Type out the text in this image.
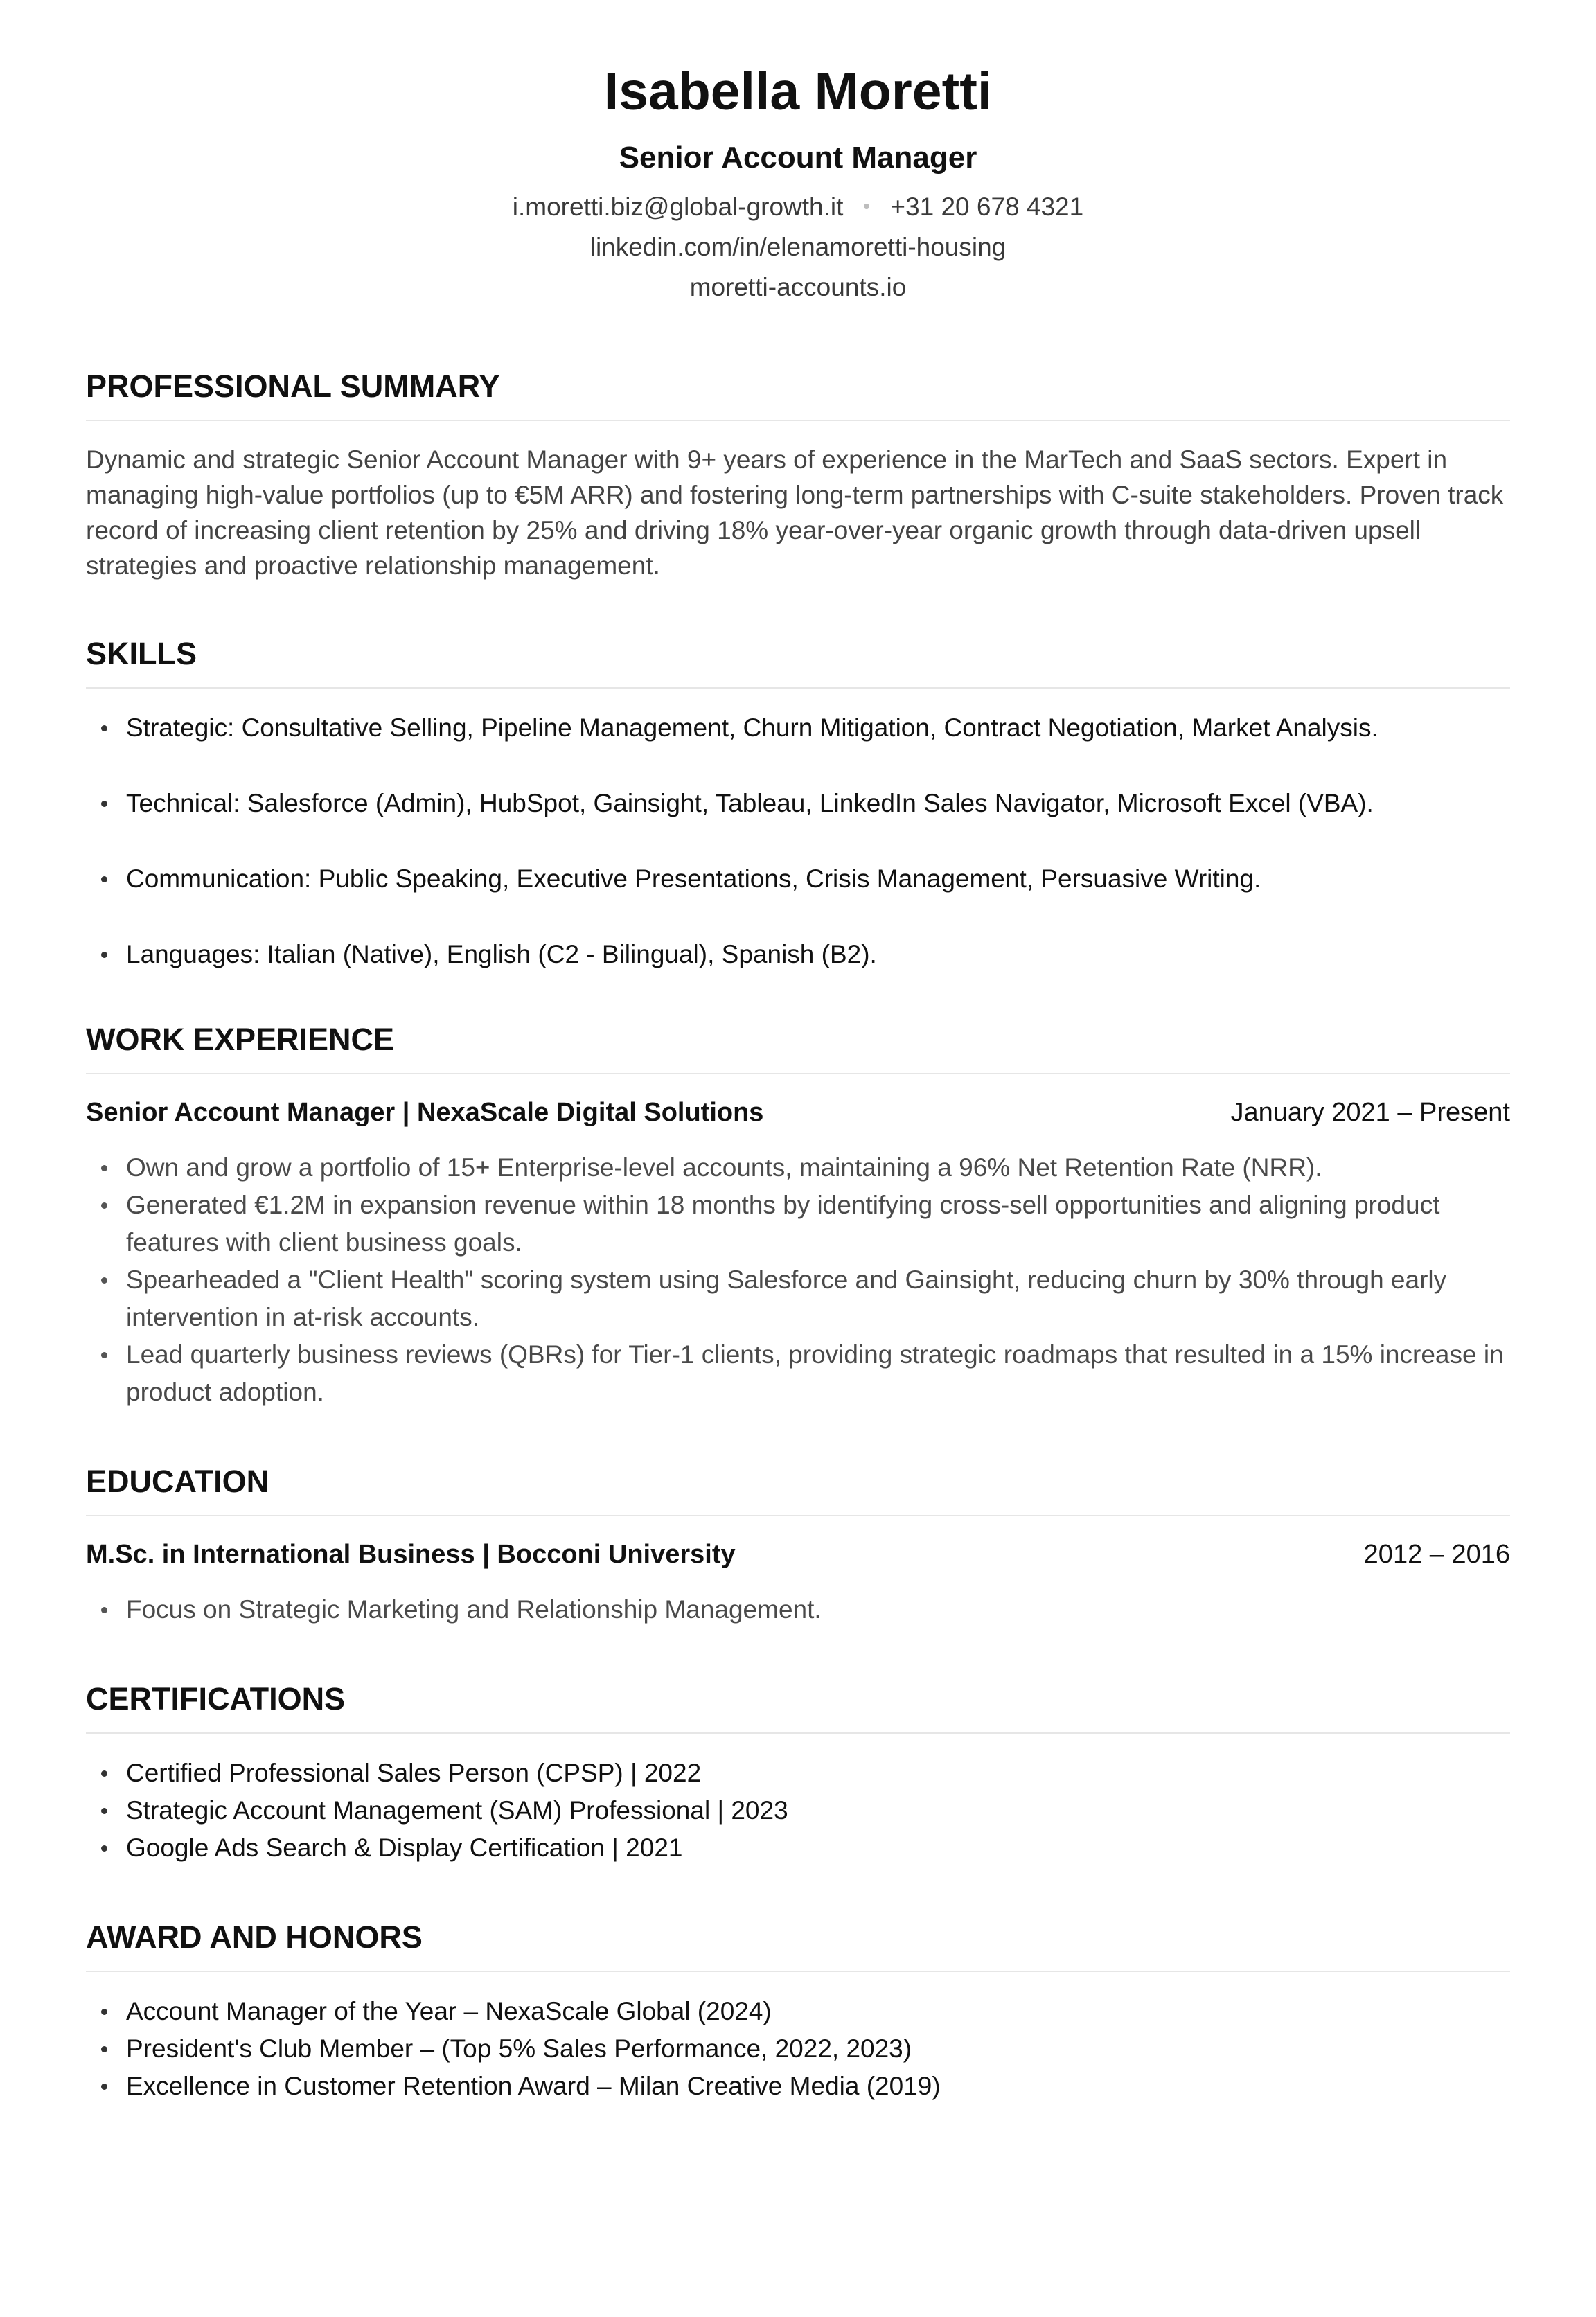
Isabella Moretti
Senior Account Manager
i.moretti.biz@global-growth.it +31 20 678 4321
linkedin.com/in/elenamoretti-housing
moretti-accounts.io
PROFESSIONAL SUMMARY

Dynamic and strategic Senior Account Manager with 9+ years of experience in the MarTech and SaaS sectors. Expert in managing high-value portfolios (up to €5M ARR) and fostering long-term partnerships with C-suite stakeholders. Proven track record of increasing client retention by 25% and driving 18% year-over-year organic growth through data-driven upsell strategies and proactive relationship management.

SKILLS
Strategic: Consultative Selling, Pipeline Management, Churn Mitigation, Contract Negotiation, Market Analysis.
Technical: Salesforce (Admin), HubSpot, Gainsight, Tableau, LinkedIn Sales Navigator, Microsoft Excel (VBA).
Communication: Public Speaking, Executive Presentations, Crisis Management, Persuasive Writing.
Languages: Italian (Native), English (C2 - Bilingual), Spanish (B2).
WORK EXPERIENCE
Senior Account Manager | NexaScale Digital Solutions	January 2021 – Present
Own and grow a portfolio of 15+ Enterprise-level accounts, maintaining a 96% Net Retention Rate (NRR).
Generated €1.2M in expansion revenue within 18 months by identifying cross-sell opportunities and aligning product features with client business goals.
Spearheaded a "Client Health" scoring system using Salesforce and Gainsight, reducing churn by 30% through early intervention in at-risk accounts.
Lead quarterly business reviews (QBRs) for Tier-1 clients, providing strategic roadmaps that resulted in a 15% increase in product adoption.
EDUCATION
M.Sc. in International Business | Bocconi University	2012 – 2016
Focus on Strategic Marketing and Relationship Management.
CERTIFICATIONS
Certified Professional Sales Person (CPSP) | 2022
Strategic Account Management (SAM) Professional | 2023
Google Ads Search & Display Certification | 2021
AWARD AND HONORS
Account Manager of the Year – NexaScale Global (2024)
President's Club Member – (Top 5% Sales Performance, 2022, 2023)
Excellence in Customer Retention Award – Milan Creative Media (2019)
